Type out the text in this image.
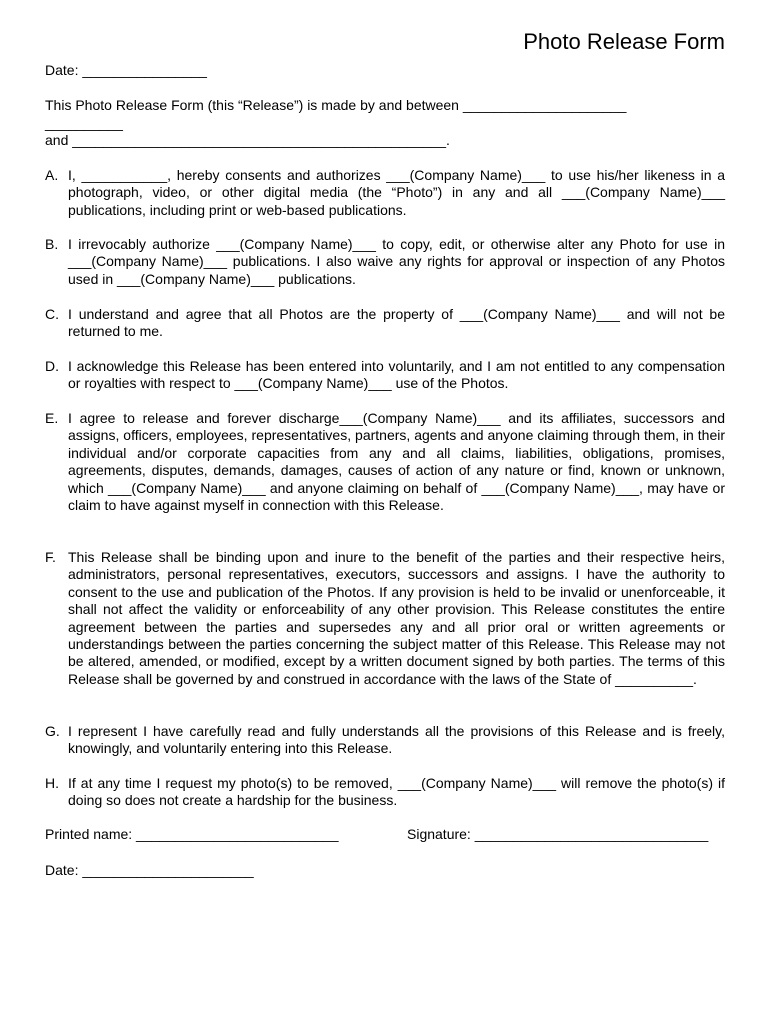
Photo Release Form
Date: ________________
This Photo Release Form (this “Release”) is made by and between _____________________
__________
and ________________________________________________.
A. I, ___________, hereby consents and authorizes ___(Company Name)___ to use his/her likeness in a photograph, video, or other digital media (the “Photo”) in any and all ___(Company Name)___ publications, including print or web-based publications.
B. I irrevocably authorize ___(Company Name)___ to copy, edit, or otherwise alter any Photo for use in ___(Company Name)___ publications. I also waive any rights for approval or inspection of any Photos used in ___(Company Name)___ publications.
C. I understand and agree that all Photos are the property of ___(Company Name)___ and will not be returned to me.
D. I acknowledge this Release has been entered into voluntarily, and I am not entitled to any compensation or royalties with respect to ___(Company Name)___ use of the Photos.
E. I agree to release and forever discharge___(Company Name)___ and its affiliates, successors and assigns, officers, employees, representatives, partners, agents and anyone claiming through them, in their individual and/or corporate capacities from any and all claims, liabilities, obligations, promises, agreements, disputes, demands, damages, causes of action of any nature or find, known or unknown, which ___(Company Name)___ and anyone claiming on behalf of ___(Company Name)___, may have or claim to have against myself in connection with this Release.
F. This Release shall be binding upon and inure to the benefit of the parties and their respective heirs, administrators, personal representatives, executors, successors and assigns. I have the authority to consent to the use and publication of the Photos. If any provision is held to be invalid or unenforceable, it shall not affect the validity or enforceability of any other provision. This Release constitutes the entire agreement between the parties and supersedes any and all prior oral or written agreements or understandings between the parties concerning the subject matter of this Release. This Release may not be altered, amended, or modified, except by a written document signed by both parties. The terms of this Release shall be governed by and construed in accordance with the laws of the State of __________.
G. I represent I have carefully read and fully understands all the provisions of this Release and is freely, knowingly, and voluntarily entering into this Release.
H. If at any time I request my photo(s) to be removed, ___(Company Name)___ will remove the photo(s) if doing so does not create a hardship for the business.
Printed name: __________________________	Signature: ______________________________
Date: ______________________
